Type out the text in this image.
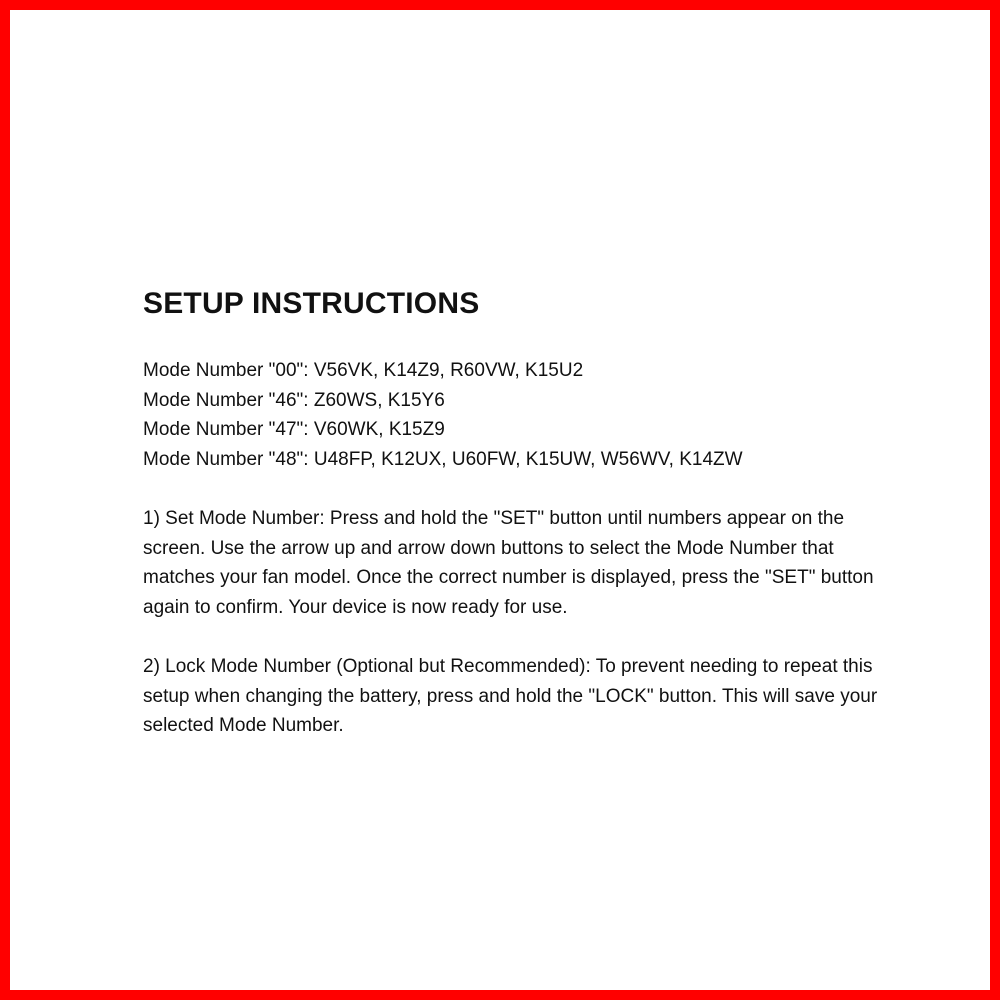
SETUP INSTRUCTIONS
Mode Number "00": V56VK, K14Z9, R60VW, K15U2
Mode Number "46": Z60WS, K15Y6
Mode Number "47": V60WK, K15Z9
Mode Number "48": U48FP, K12UX, U60FW, K15UW, W56WV, K14ZW

1) Set Mode Number: Press and hold the "SET" button until numbers appear on the screen. Use the arrow up and arrow down buttons to select the Mode Number that matches your fan model. Once the correct number is displayed, press the "SET" button again to confirm. Your device is now ready for use.

2) Lock Mode Number (Optional but Recommended): To prevent needing to repeat this setup when changing the battery, press and hold the "LOCK" button. This will save your selected Mode Number.
